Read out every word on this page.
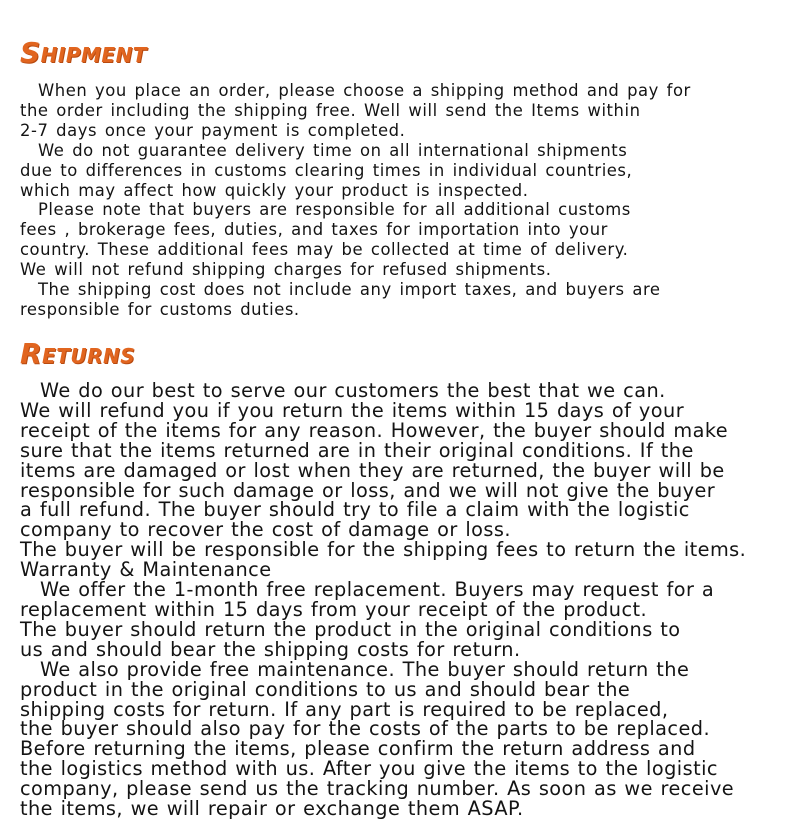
Shipment
When you place an order, please choose a shipping method and pay for
the order including the shipping free. Well will send the Items within
2-7 days once your payment is completed.
We do not guarantee delivery time on all international shipments
due to differences in customs clearing times in individual countries,
which may affect how quickly your product is inspected.
Please note that buyers are responsible for all additional customs
fees , brokerage fees, duties, and taxes for importation into your
country. These additional fees may be collected at time of delivery.
We will not refund shipping charges for refused shipments.
The shipping cost does not include any import taxes, and buyers are
responsible for customs duties.
Returns
We do our best to serve our customers the best that we can.
We will refund you if you return the items within 15 days of your
receipt of the items for any reason. However, the buyer should make
sure that the items returned are in their original conditions. If the
items are damaged or lost when they are returned, the buyer will be
responsible for such damage or loss, and we will not give the buyer
a full refund. The buyer should try to file a claim with the logistic
company to recover the cost of damage or loss.
The buyer will be responsible for the shipping fees to return the items.
Warranty & Maintenance
We offer the 1-month free replacement. Buyers may request for a
replacement within 15 days from your receipt of the product.
The buyer should return the product in the original conditions to
us and should bear the shipping costs for return.
We also provide free maintenance. The buyer should return the
product in the original conditions to us and should bear the
shipping costs for return. If any part is required to be replaced,
the buyer should also pay for the costs of the parts to be replaced.
Before returning the items, please confirm the return address and
the logistics method with us. After you give the items to the logistic
company, please send us the tracking number. As soon as we receive
the items, we will repair or exchange them ASAP.
